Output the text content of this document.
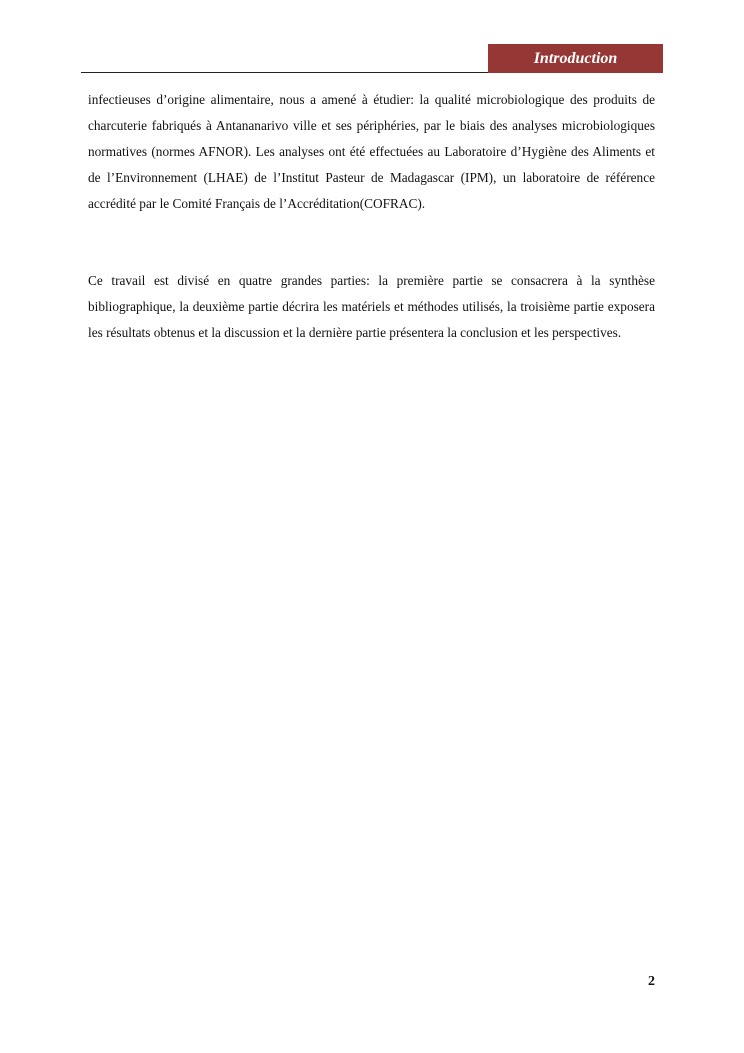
Introduction

infectieuses d’origine alimentaire, nous a amené à étudier: la qualité microbiologique des produits de charcuterie fabriqués à Antananarivo ville et ses périphéries, par le biais des analyses microbiologiques normatives (normes AFNOR). Les analyses ont été effectuées au Laboratoire d’Hygiène des Aliments et de l’Environnement (LHAE) de l’Institut Pasteur de Madagascar (IPM), un laboratoire de référence accrédité par le Comité Français de l’Accréditation(COFRAC).

Ce travail est divisé en quatre grandes parties: la première partie se consacrera à la synthèse bibliographique, la deuxième partie décrira les matériels et méthodes utilisés, la troisième partie exposera les résultats obtenus et la discussion et la dernière partie présentera la conclusion et les perspectives.

2
